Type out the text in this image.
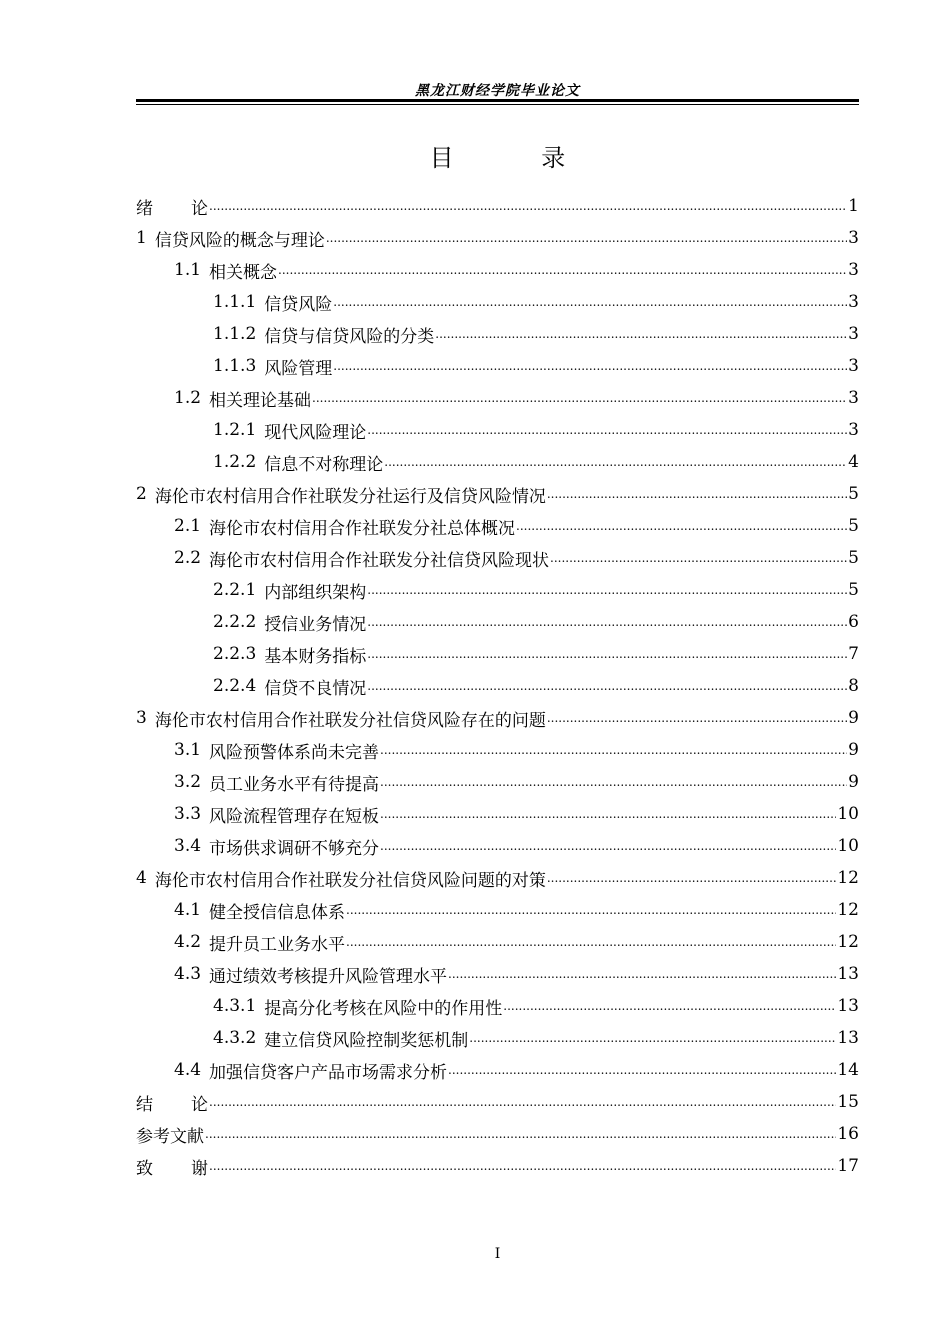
黑龙江财经学院毕业论文
目 录
绪论 .....	1
1 信贷风险的概念与理论 .....	3
1.1 相关概念 .....	3
1.1.1 信贷风险 .....	3
1.1.2 信贷与信贷风险的分类 .....	3
1.1.3 风险管理 .....	3
1.2 相关理论基础 .....	3
1.2.1 现代风险理论 .....	3
1.2.2 信息不对称理论 .....	4
2 海伦市农村信用合作社联发分社运行及信贷风险情况 .....	5
2.1 海伦市农村信用合作社联发分社总体概况 .....	5
2.2 海伦市农村信用合作社联发分社信贷风险现状 .....	5
2.2.1 内部组织架构 .....	5
2.2.2 授信业务情况 .....	6
2.2.3 基本财务指标 .....	7
2.2.4 信贷不良情况 .....	8
3 海伦市农村信用合作社联发分社信贷风险存在的问题 .....	9
3.1 风险预警体系尚未完善 .....	9
3.2 员工业务水平有待提高 .....	9
3.3 风险流程管理存在短板 .....	10
3.4 市场供求调研不够充分 .....	10
4 海伦市农村信用合作社联发分社信贷风险问题的对策 .....	12
4.1 健全授信信息体系 .....	12
4.2 提升员工业务水平 .....	12
4.3 通过绩效考核提升风险管理水平 .....	13
4.3.1 提高分化考核在风险中的作用性 .....	13
4.3.2 建立信贷风险控制奖惩机制 .....	13
4.4 加强信贷客户产品市场需求分析 .....	14
结论 .....	15
参考文献 .....	16
致谢 .....	17
I
